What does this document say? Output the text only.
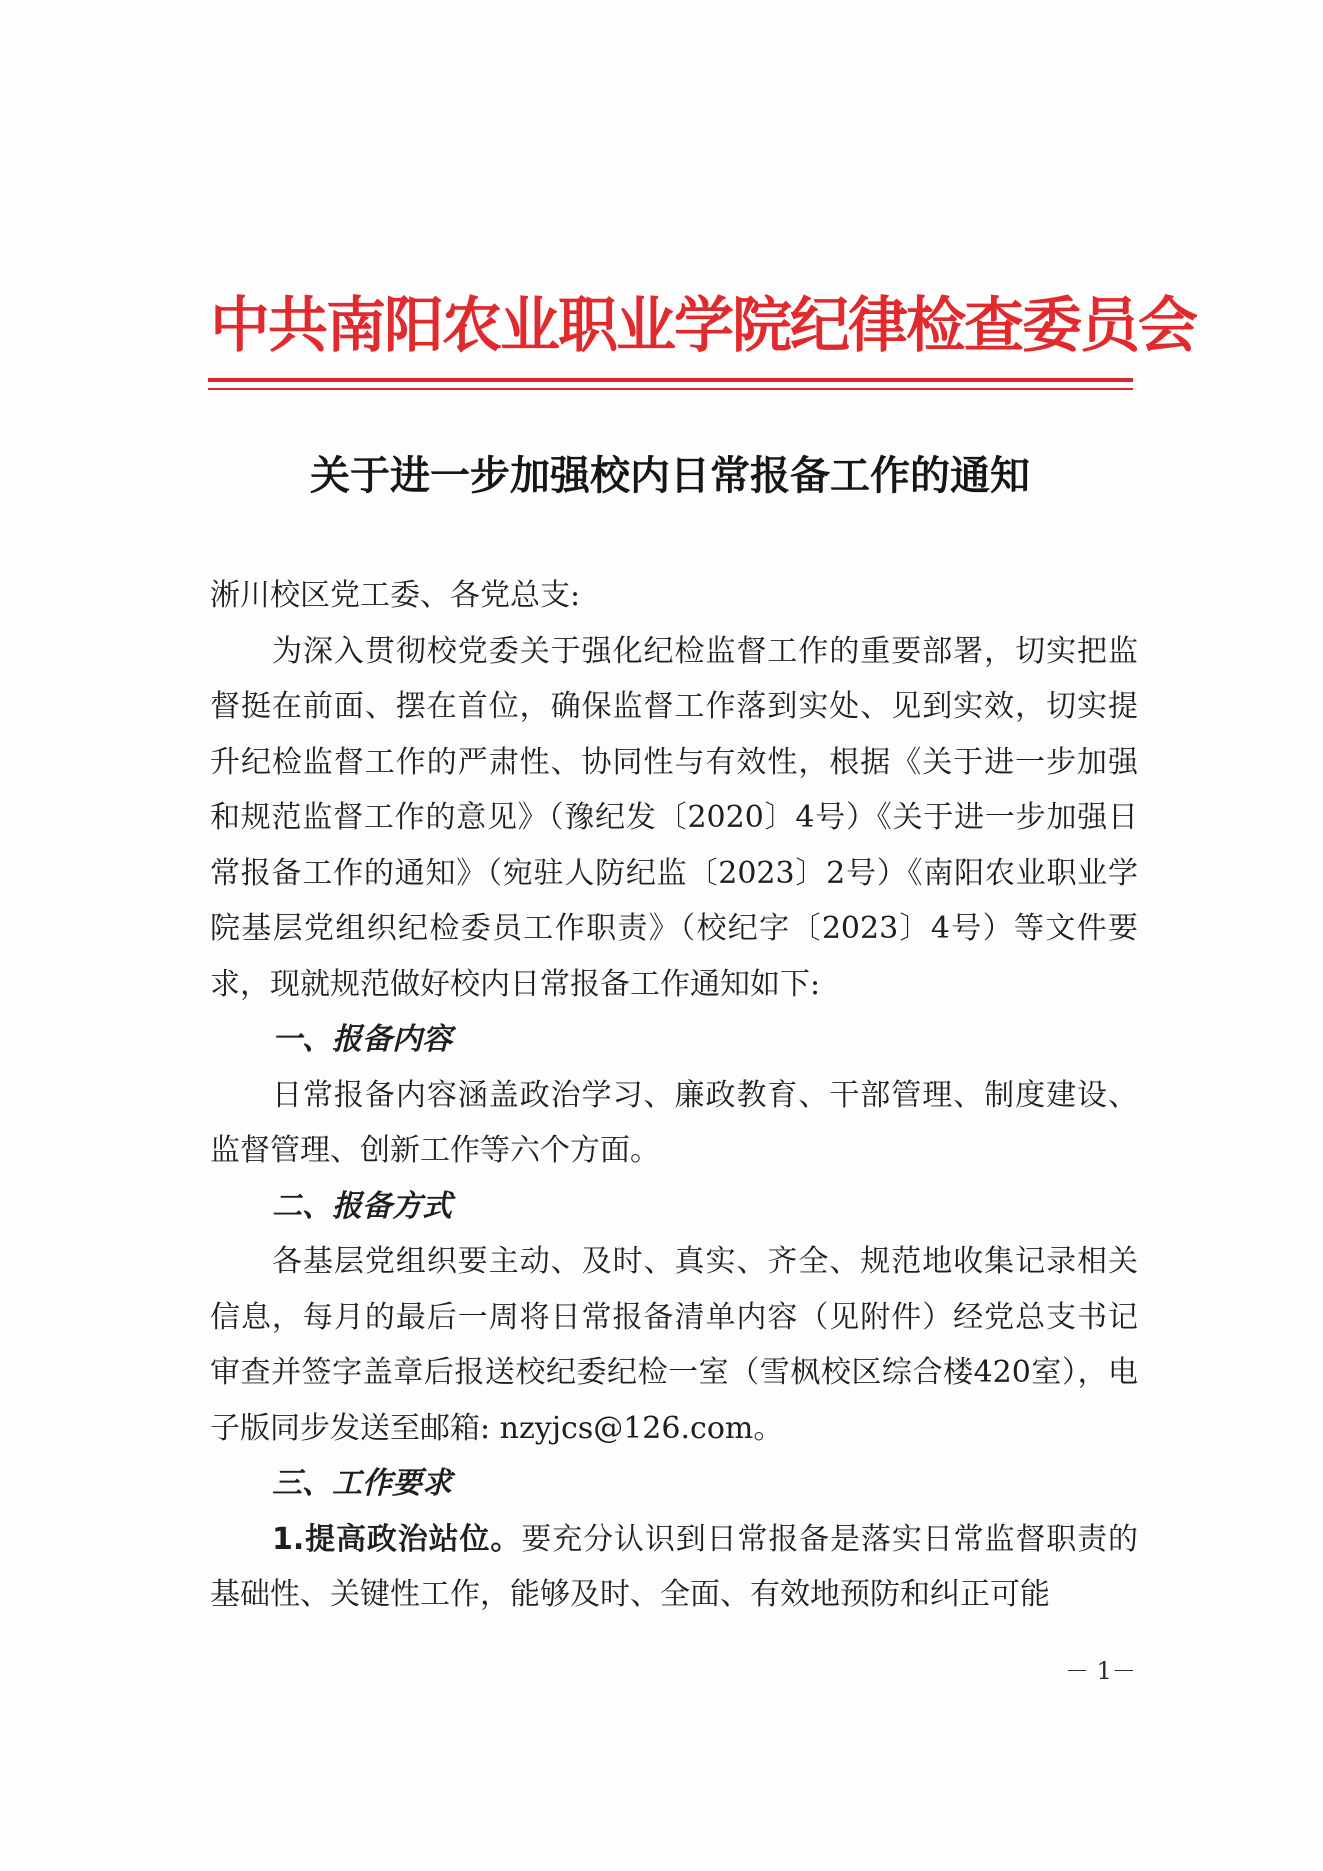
中共南阳农业职业学院纪律检查委员会
关于进一步加强校内日常报备工作的通知

淅川校区党工委、各党总支:

为深入贯彻校党委关于强化纪检监督工作的重要部署，切实把监督挺在前面、摆在首位，确保监督工作落到实处、见到实效，切实提升纪检监督工作的严肃性、协同性与有效性，根据《关于进一步加强和规范监督工作的意见》（豫纪发〔2020〕4号）《关于进一步加强日常报备工作的通知》（宛驻人防纪监〔2023〕2号）《南阳农业职业学院基层党组织纪检委员工作职责》（校纪字〔2023〕4号）等文件要求，现就规范做好校内日常报备工作通知如下:

一、报备内容

日常报备内容涵盖政治学习、廉政教育、干部管理、制度建设、监督管理、创新工作等六个方面。

二、报备方式

各基层党组织要主动、及时、真实、齐全、规范地收集记录相关信息，每月的最后一周将日常报备清单内容（见附件）经党总支书记审查并签字盖章后报送校纪委纪检一室（雪枫校区综合楼420室），电子版同步发送至邮箱: nzyjcs@126.com。

三、工作要求

1.提高政治站位。要充分认识到日常报备是落实日常监督职责的基础性、关键性工作，能够及时、全面、有效地预防和纠正可能

－ 1－
